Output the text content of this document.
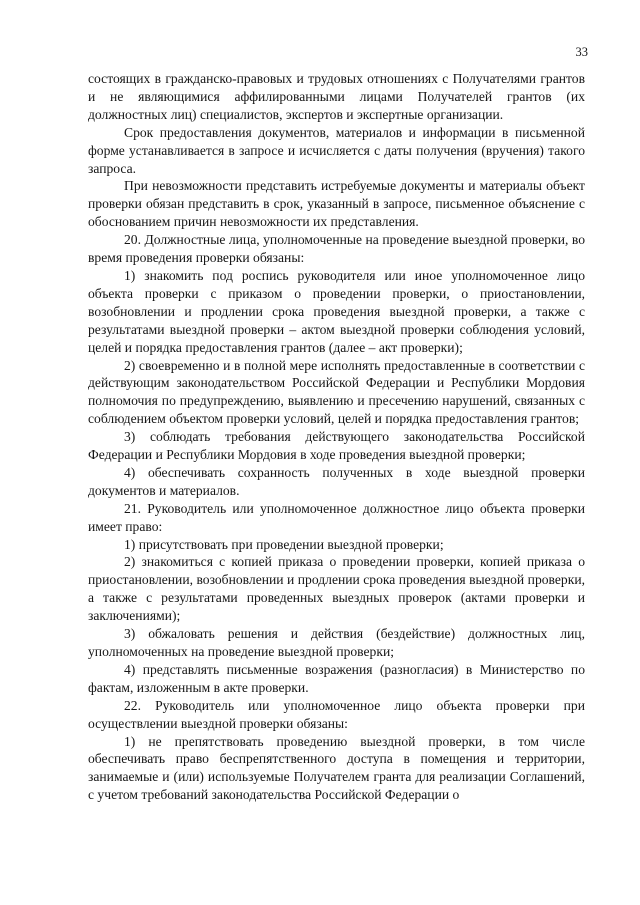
33

состоящих в гражданско-правовых и трудовых отношениях с Получателями грантов и не являющимися аффилированными лицами Получателей грантов (их должностных лиц) специалистов, экспертов и экспертные организации.

Срок предоставления документов, материалов и информации в письменной форме устанавливается в запросе и исчисляется с даты получения (вручения) такого запроса.

При невозможности представить истребуемые документы и материалы объект проверки обязан представить в срок, указанный в запросе, письменное объяснение с обоснованием причин невозможности их представления.

20. Должностные лица, уполномоченные на проведение выездной проверки, во время проведения проверки обязаны:

1) знакомить под роспись руководителя или иное уполномоченное лицо объекта проверки с приказом о проведении проверки, о приостановлении, возобновлении и продлении срока проведения выездной проверки, а также с результатами выездной проверки – актом выездной проверки соблюдения условий, целей и порядка предоставления грантов (далее – акт проверки);

2) своевременно и в полной мере исполнять предоставленные в соответствии с действующим законодательством Российской Федерации и Республики Мордовия полномочия по предупреждению, выявлению и пресечению нарушений, связанных с соблюдением объектом проверки условий, целей и порядка предоставления грантов;

3) соблюдать требования действующего законодательства Российской Федерации и Республики Мордовия в ходе проведения выездной проверки;

4) обеспечивать сохранность полученных в ходе выездной проверки документов и материалов.

21. Руководитель или уполномоченное должностное лицо объекта проверки имеет право:

1) присутствовать при проведении выездной проверки;

2) знакомиться с копией приказа о проведении проверки, копией приказа о приостановлении, возобновлении и продлении срока проведения выездной проверки, а также с результатами проведенных выездных проверок (актами проверки и заключениями);

3) обжаловать решения и действия (бездействие) должностных лиц, уполномоченных на проведение выездной проверки;

4) представлять письменные возражения (разногласия) в Министерство по фактам, изложенным в акте проверки.

22. Руководитель или уполномоченное лицо объекта проверки при осуществлении выездной проверки обязаны:

1) не препятствовать проведению выездной проверки, в том числе обеспечивать право беспрепятственного доступа в помещения и территории, занимаемые и (или) используемые Получателем гранта для реализации Соглашений, с учетом требований законодательства Российской Федерации о
